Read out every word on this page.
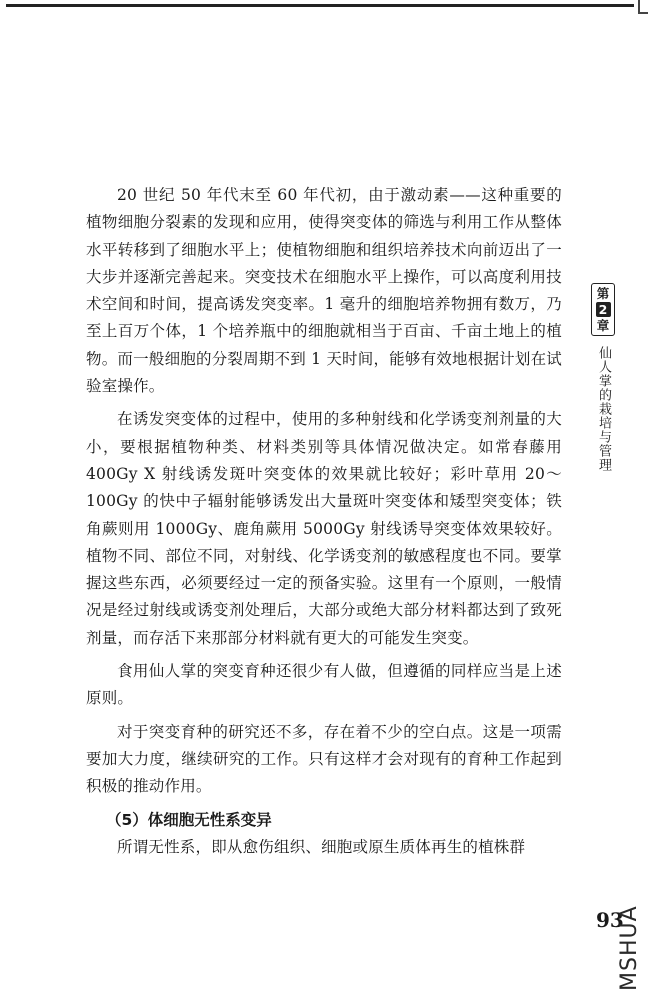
20 世纪 50 年代末至 60 年代初，由于激动素——这种重要的植物细胞分裂素的发现和应用，使得突变体的筛选与利用工作从整体水平转移到了细胞水平上；使植物细胞和组织培养技术向前迈出了一大步并逐渐完善起来。突变技术在细胞水平上操作，可以高度利用技术空间和时间，提高诱发突变率。1 毫升的细胞培养物拥有数万，乃至上百万个体，1 个培养瓶中的细胞就相当于百亩、千亩土地上的植物。而一般细胞的分裂周期不到 1 天时间，能够有效地根据计划在试验室操作。

在诱发突变体的过程中，使用的多种射线和化学诱变剂剂量的大小，要根据植物种类、材料类别等具体情况做决定。如常春藤用 400Gy X 射线诱发斑叶突变体的效果就比较好；彩叶草用 20～100Gy 的快中子辐射能够诱发出大量斑叶突变体和矮型突变体；铁角蕨则用 1000Gy、鹿角蕨用 5000Gy 射线诱导突变体效果较好。植物不同、部位不同，对射线、化学诱变剂的敏感程度也不同。要掌握这些东西，必须要经过一定的预备实验。这里有一个原则，一般情况是经过射线或诱变剂处理后，大部分或绝大部分材料都达到了致死剂量，而存活下来那部分材料就有更大的可能发生突变。

食用仙人掌的突变育种还很少有人做，但遵循的同样应当是上述原则。

对于突变育种的研究还不多，存在着不少的空白点。这是一项需要加大力度，继续研究的工作。只有这样才会对现有的育种工作起到积极的推动作用。

（5）体细胞无性系变异

所谓无性系，即从愈伤组织、细胞或原生质体再生的植株群

第
2
章
仙人掌的栽培与管理
93
MSHUA
